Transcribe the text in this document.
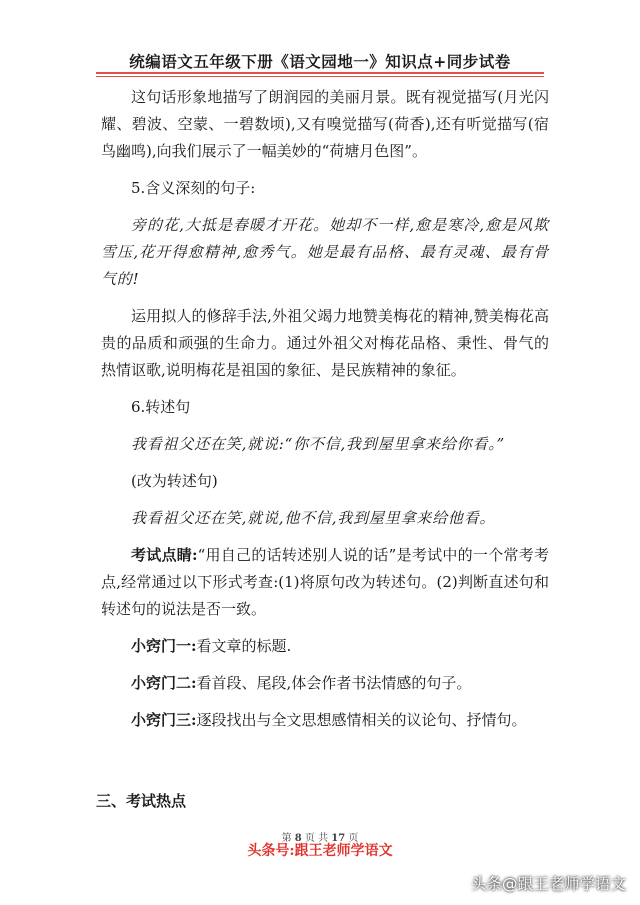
统编语文五年级下册《语文园地一》知识点+同步试卷

这句话形象地描写了朗润园的美丽月景。既有视觉描写(月光闪耀、碧波、空蒙、一碧数顷),又有嗅觉描写(荷香),还有听觉描写(宿鸟幽鸣),向我们展示了一幅美妙的“荷塘月色图”。

5.含义深刻的句子:

旁的花,大抵是春暖才开花。她却不一样,愈是寒冷,愈是风欺雪压,花开得愈精神,愈秀气。她是最有品格、最有灵魂、最有骨气的!

运用拟人的修辞手法,外祖父竭力地赞美梅花的精神,赞美梅花高贵的品质和顽强的生命力。通过外祖父对梅花品格、秉性、骨气的热情讴歌,说明梅花是祖国的象征、是民族精神的象征。

6.转述句

我看祖父还在笑,就说:“你不信,我到屋里拿来给你看。”

(改为转述句)

我看祖父还在笑,就说,他不信,我到屋里拿来给他看。

考试点睛:“用自己的话转述别人说的话”是考试中的一个常考考点,经常通过以下形式考查:(1)将原句改为转述句。(2)判断直述句和转述句的说法是否一致。

小窍门一:看文章的标题.

小窍门二:看首段、尾段,体会作者书法情感的句子。

小窍门三:逐段找出与全文思想感情相关的议论句、抒情句。

三、考试热点
第 8 页 共 17 页
头条号:跟王老师学语文
头条@跟王老师学语文
